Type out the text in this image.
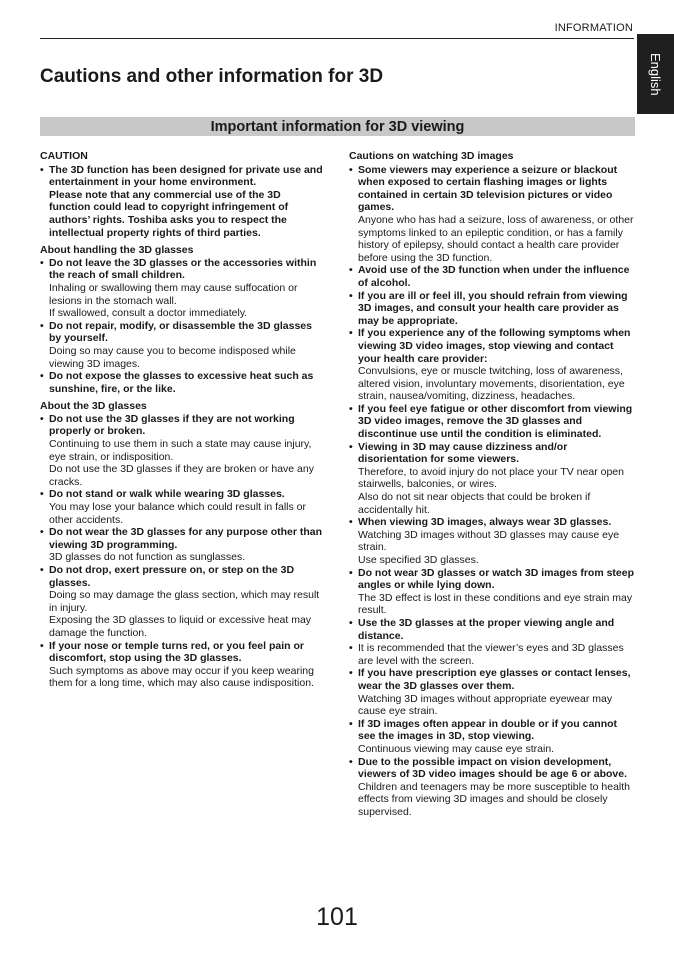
INFORMATION
English
Cautions and other information for 3D
Important information for 3D viewing
CAUTION
• The 3D function has been designed for private use and entertainment in your home environment.
Please note that any commercial use of the 3D function could lead to copyright infringement of authors’ rights. Toshiba asks you to respect the intellectual property rights of third parties.
About handling the 3D glasses
• Do not leave the 3D glasses or the accessories within the reach of small children.
Inhaling or swallowing them may cause suffocation or lesions in the stomach wall.
If swallowed, consult a doctor immediately.
• Do not repair, modify, or disassemble the 3D glasses by yourself.
Doing so may cause you to become indisposed while viewing 3D images.
• Do not expose the glasses to excessive heat such as sunshine, fire, or the like.
About the 3D glasses
• Do not use the 3D glasses if they are not working properly or broken.
Continuing to use them in such a state may cause injury, eye strain, or indisposition.
Do not use the 3D glasses if they are broken or have any cracks.
• Do not stand or walk while wearing 3D glasses.
You may lose your balance which could result in falls or other accidents.
• Do not wear the 3D glasses for any purpose other than viewing 3D programming.
3D glasses do not function as sunglasses.
• Do not drop, exert pressure on, or step on the 3D glasses.
Doing so may damage the glass section, which may result in injury.
Exposing the 3D glasses to liquid or excessive heat may damage the function.
• If your nose or temple turns red, or you feel pain or discomfort, stop using the 3D glasses.
Such symptoms as above may occur if you keep wearing them for a long time, which may also cause indisposition.
Cautions on watching 3D images
• Some viewers may experience a seizure or blackout when exposed to certain flashing images or lights contained in certain 3D television pictures or video games.
Anyone who has had a seizure, loss of awareness, or other symptoms linked to an epileptic condition, or has a family history of epilepsy, should contact a health care provider before using the 3D function.
• Avoid use of the 3D function when under the influence of alcohol.
• If you are ill or feel ill, you should refrain from viewing 3D images, and consult your health care provider as may be appropriate.
• If you experience any of the following symptoms when viewing 3D video images, stop viewing and contact your health care provider:
Convulsions, eye or muscle twitching, loss of awareness, altered vision, involuntary movements, disorientation, eye strain, nausea/vomiting, dizziness, headaches.
• If you feel eye fatigue or other discomfort from viewing 3D video images, remove the 3D glasses and discontinue use until the condition is eliminated.
• Viewing in 3D may cause dizziness and/or disorientation for some viewers.
Therefore, to avoid injury do not place your TV near open stairwells, balconies, or wires.
Also do not sit near objects that could be broken if accidentally hit.
• When viewing 3D images, always wear 3D glasses.
Watching 3D images without 3D glasses may cause eye strain.
Use specified 3D glasses.
• Do not wear 3D glasses or watch 3D images from steep angles or while lying down.
The 3D effect is lost in these conditions and eye strain may result.
• Use the 3D glasses at the proper viewing angle and distance.
• It is recommended that the viewer’s eyes and 3D glasses are level with the screen.
• If you have prescription eye glasses or contact lenses, wear the 3D glasses over them.
Watching 3D images without appropriate eyewear may cause eye strain.
• If 3D images often appear in double or if you cannot see the images in 3D, stop viewing.
Continuous viewing may cause eye strain.
• Due to the possible impact on vision development, viewers of 3D video images should be age 6 or above.
Children and teenagers may be more susceptible to health effects from viewing 3D images and should be closely supervised.
101
